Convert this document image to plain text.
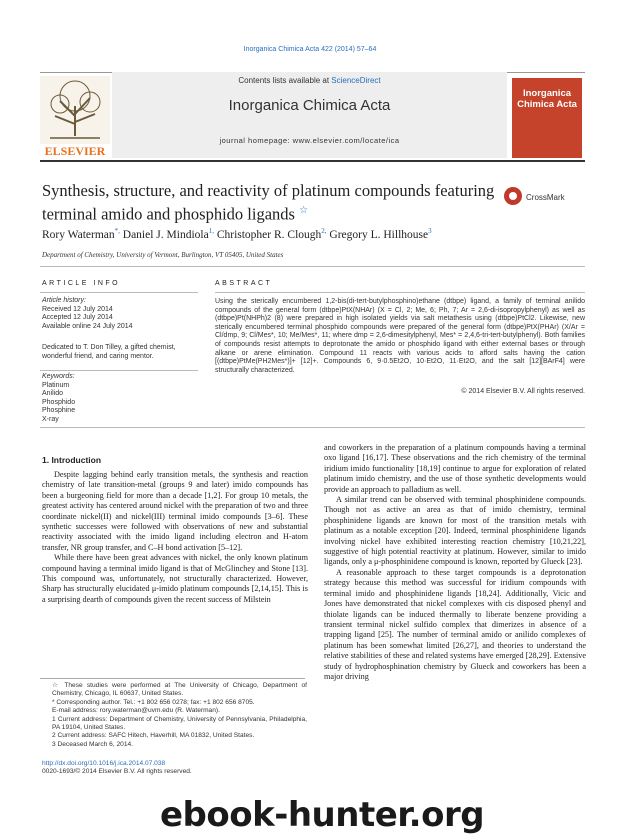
Inorganica Chimica Acta 422 (2014) 57–64
ELSEVIER
Contents lists available at ScienceDirect
Inorganica Chimica Acta
journal homepage: www.elsevier.com/locate/ica
Inorganica Chimica Acta
Synthesis, structure, and reactivity of platinum compounds featuring terminal amido and phosphido ligands ☆
CrossMark
Rory Waterman*, Daniel J. Mindiola$^{1,}$ Christopher R. Clough$^{2,}$ Gregory L. Hillhouse$^3$
Department of Chemistry, University of Vermont, Burlington, VT 05405, United States
ARTICLE INFO	ABSTRACT
Article history:
Received 12 July 2014
Accepted 12 July 2014
Available online 24 July 2014
Dedicated to T. Don Tilley, a gifted chemist, wonderful friend, and caring mentor.
Keywords:
Platinum
Anilido
Phosphido
Phosphine
X-ray
Using the sterically encumbered 1,2-bis(di-tert-butylphosphino)ethane (dtbpe) ligand, a family of terminal anilido compounds of the general form (dtbpe)PtX(NHAr) (X = Cl, 2; Me, 6; Ph, 7; Ar = 2,6-di-isopropylphenyl) as well as (dtbpe)Pt(NHPh)2 (8) were prepared in high isolated yields via salt metathesis using (dtbpe)PtCl2. Likewise, new sterically encumbered terminal phosphido compounds were prepared of the general form (dtbpe)PtX(PHAr) (X/Ar = Cl/dmp, 9; Cl/Mes*, 10; Me/Mes*, 11; where dmp = 2,6-dimesitylphenyl, Mes* = 2,4,6-tri-tert-butylphenyl). Both families of compounds resist attempts to deprotonate the amido or phosphido ligand with either external bases or through alkane or arene elimination. Compound 11 reacts with various acids to afford salts having the cation [(dtbpe)PtMe(PH2Mes*)]+ [12]+. Compounds 6, 9·0.5Et2O, 10·Et2O, 11·Et2O, and the salt [12][BArF4] were structurally characterized.
© 2014 Elsevier B.V. All rights reserved.
1. Introduction

Despite lagging behind early transition metals, the synthesis and reaction chemistry of late transition-metal (groups 9 and later) imido compounds has been a burgeoning field for more than a decade [1,2]. For group 10 metals, the greatest activity has centered around nickel with the preparation of two and three coordinate nickel(II) and nickel(III) terminal imido compounds [3–6]. These synthetic successes were followed with observations of new and substantial reactivity associated with the imido ligand including electron and H-atom transfer, NR group transfer, and C–H bond activation [5–12].

While there have been great advances with nickel, the only known platinum compound having a terminal imido ligand is that of McGlinchey and Stone [13]. This compound was, unfortunately, not structurally characterized. However, Sharp has structurally elucidated μ-imido platinum compounds [2,14,15]. This is a surprising dearth of compounds given the recent success of Milstein

and coworkers in the preparation of a platinum compounds having a terminal oxo ligand [16,17]. These observations and the rich chemistry of the terminal iridium imido functionality [18,19] continue to argue for exploration of related platinum imido chemistry, and the use of those synthetic developments would provide an approach to palladium as well.

A similar trend can be observed with terminal phosphinidene compounds. Though not as active an area as that of imido chemistry, terminal phosphinidene ligands are known for most of the transition metals with platinum as a notable exception [20]. Indeed, terminal phosphinidene ligands involving nickel have exhibited interesting reaction chemistry [10,21,22], suggestive of high potential reactivity at platinum. However, similar to imido ligands, only a μ-phosphinidene compound is known, reported by Glueck [23].

A reasonable approach to these target compounds is a deprotonation strategy because this method was successful for iridium compounds with terminal imido and phosphinidene ligands [18,24]. Additionally, Vicic and Jones have demonstrated that nickel complexes with cis disposed phenyl and thiolate ligands can be induced thermally to liberate benzene providing a transient terminal nickel sulfido complex that dimerizes in absence of a trapping ligand [25]. The number of terminal amido or anilido complexes of platinum has been somewhat limited [26,27], and theories to understand the relative stabilities of these and related systems have emerged [28,29]. Extensive study of hydrophosphination chemistry by Glueck and coworkers has been a major driving

☆ These studies were performed at The University of Chicago, Department of Chemistry, Chicago, IL 60637, United States.
* Corresponding author. Tel.: +1 802 656 0278; fax: +1 802 656 8705.
E-mail address: rory.waterman@uvm.edu (R. Waterman).
1 Current address: Department of Chemistry, University of Pennsylvania, Philadelphia, PA 19104, United States.
2 Current address: SAFC Hitech, Haverhill, MA 01832, United States.
3 Deceased March 6, 2014.
http://dx.doi.org/10.1016/j.ica.2014.07.038
0020-1693/© 2014 Elsevier B.V. All rights reserved.
ebook-hunter.org
